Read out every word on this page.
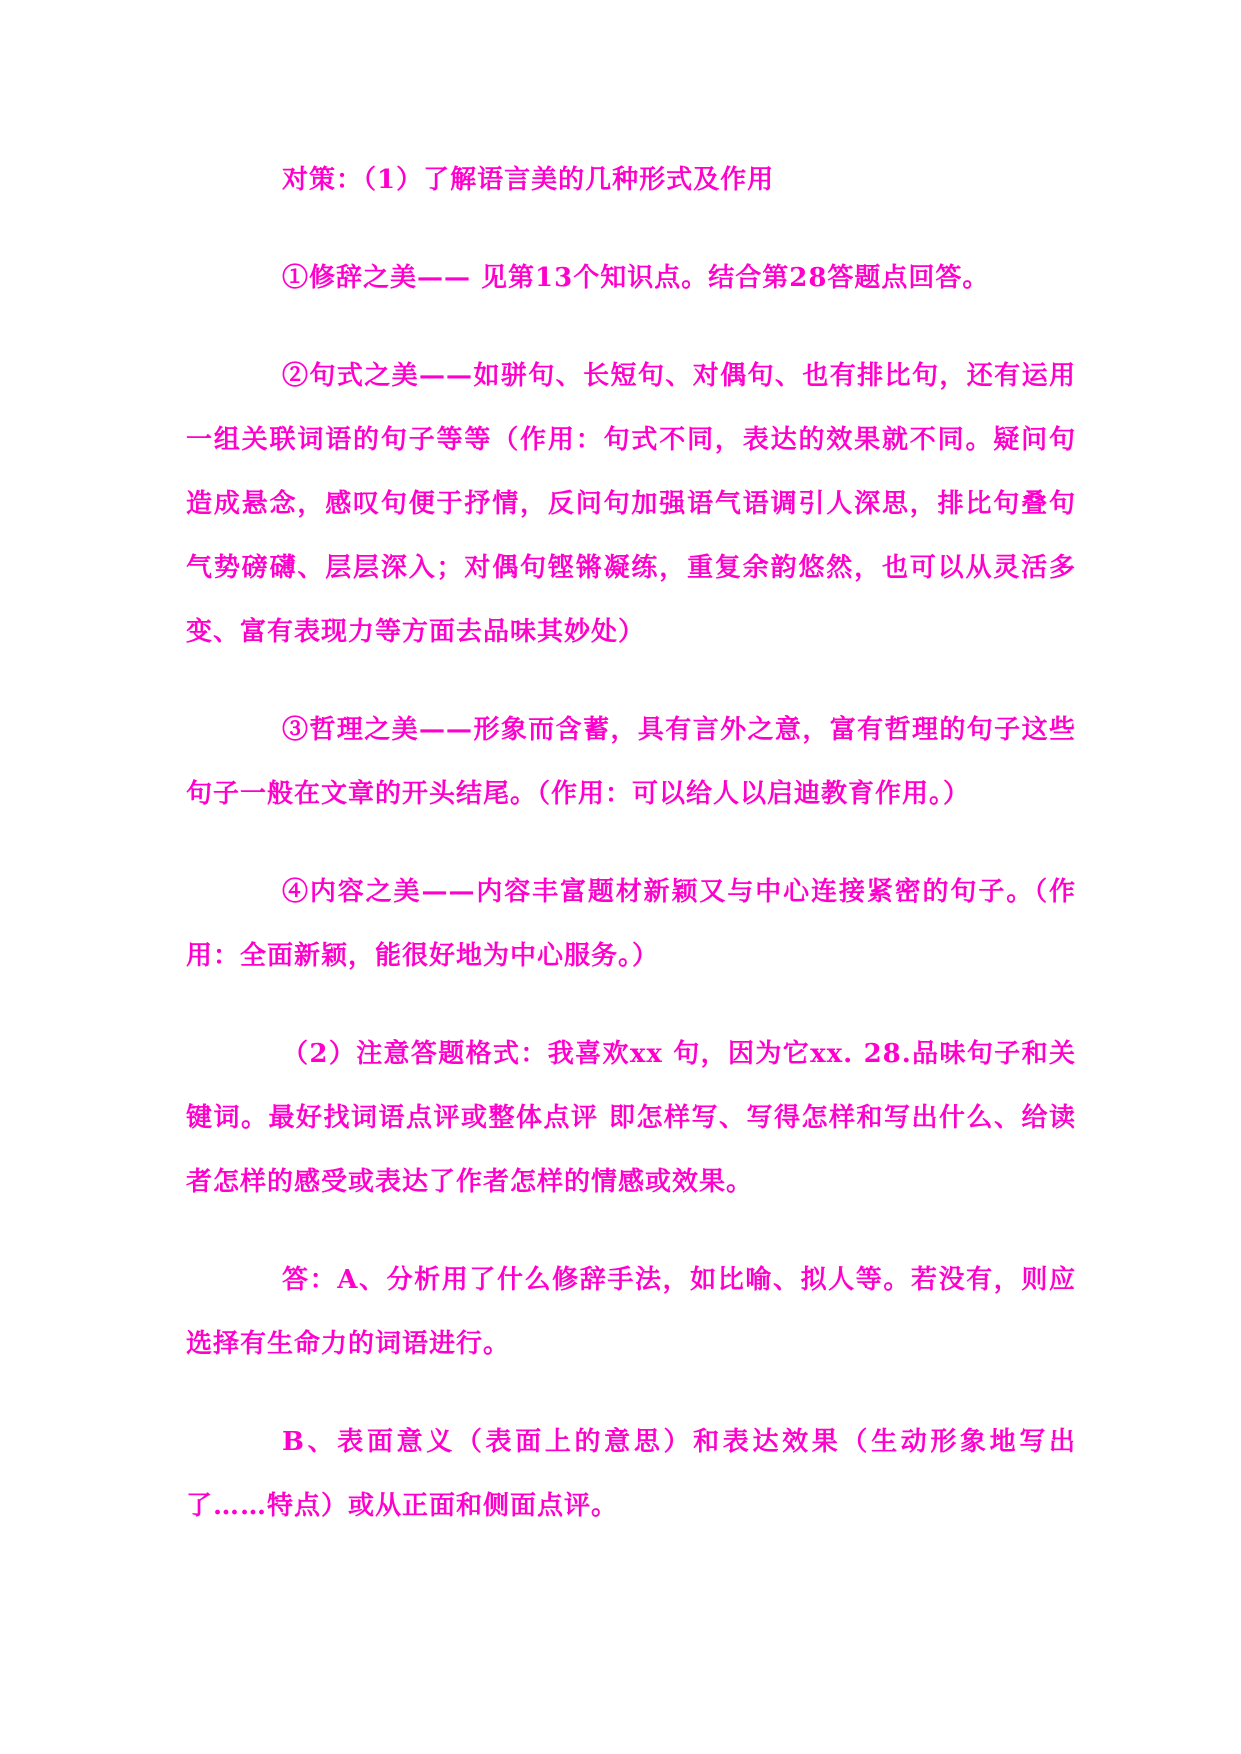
对策：（1）了解语言美的几种形式及作用

①修辞之美—— 见第13个知识点。结合第28答题点回答。

②句式之美——如骈句、长短句、对偶句、也有排比句，还有运用一组关联词语的句子等等（作用：句式不同，表达的效果就不同。疑问句造成悬念，感叹句便于抒情，反问句加强语气语调引人深思，排比句叠句气势磅礴、层层深入；对偶句铿锵凝练，重复余韵悠然，也可以从灵活多变、富有表现力等方面去品味其妙处）

③哲理之美——形象而含蓄，具有言外之意，富有哲理的句子这些句子一般在文章的开头结尾。（作用：可以给人以启迪教育作用。）

④内容之美——内容丰富题材新颖又与中心连接紧密的句子。（作用：全面新颖，能很好地为中心服务。）

（2）注意答题格式：我喜欢xx 句，因为它xx. 28.品味句子和关键词。最好找词语点评或整体点评 即怎样写、写得怎样和写出什么、给读者怎样的感受或表达了作者怎样的情感或效果。

答：A、分析用了什么修辞手法，如比喻、拟人等。若没有，则应选择有生命力的词语进行。

B、表面意义（表面上的意思）和表达效果（生动形象地写出了……特点）或从正面和侧面点评。
